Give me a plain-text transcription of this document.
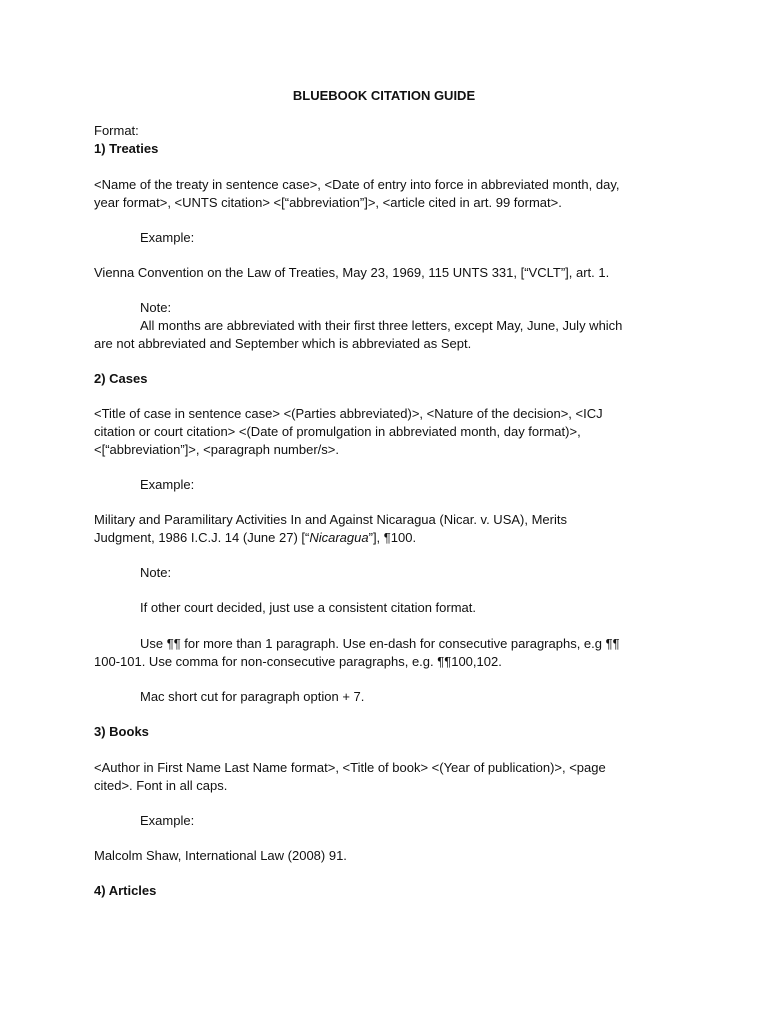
BLUEBOOK CITATION GUIDE
Format:
1) Treaties
<Name of the treaty in sentence case>, <Date of entry into force in abbreviated month, day,
year format>, <UNTS citation> <[“abbreviation”]>, <article cited in art. 99 format>.
Example:
Vienna Convention on the Law of Treaties, May 23, 1969, 115 UNTS 331, [“VCLT”], art. 1.
Note:
All months are abbreviated with their first three letters, except May, June, July which
are not abbreviated and September which is abbreviated as Sept.
2) Cases
<Title of case in sentence case> <(Parties abbreviated)>, <Nature of the decision>, <ICJ
citation or court citation> <(Date of promulgation in abbreviated month, day format)>,
<[“abbreviation”]>, <paragraph number/s>.
Example:
Military and Paramilitary Activities In and Against Nicaragua (Nicar. v. USA), Merits
Judgment, 1986 I.C.J. 14 (June 27) [“Nicaragua”], ¶100.
Note:
If other court decided, just use a consistent citation format.
Use ¶¶ for more than 1 paragraph. Use en-dash for consecutive paragraphs, e.g ¶¶
100-101. Use comma for non-consecutive paragraphs, e.g. ¶¶100,102.
Mac short cut for paragraph option + 7.
3) Books
<Author in First Name Last Name format>, <Title of book> <(Year of publication)>, <page
cited>. Font in all caps.
Example:
Malcolm Shaw, International Law (2008) 91.
4) Articles
